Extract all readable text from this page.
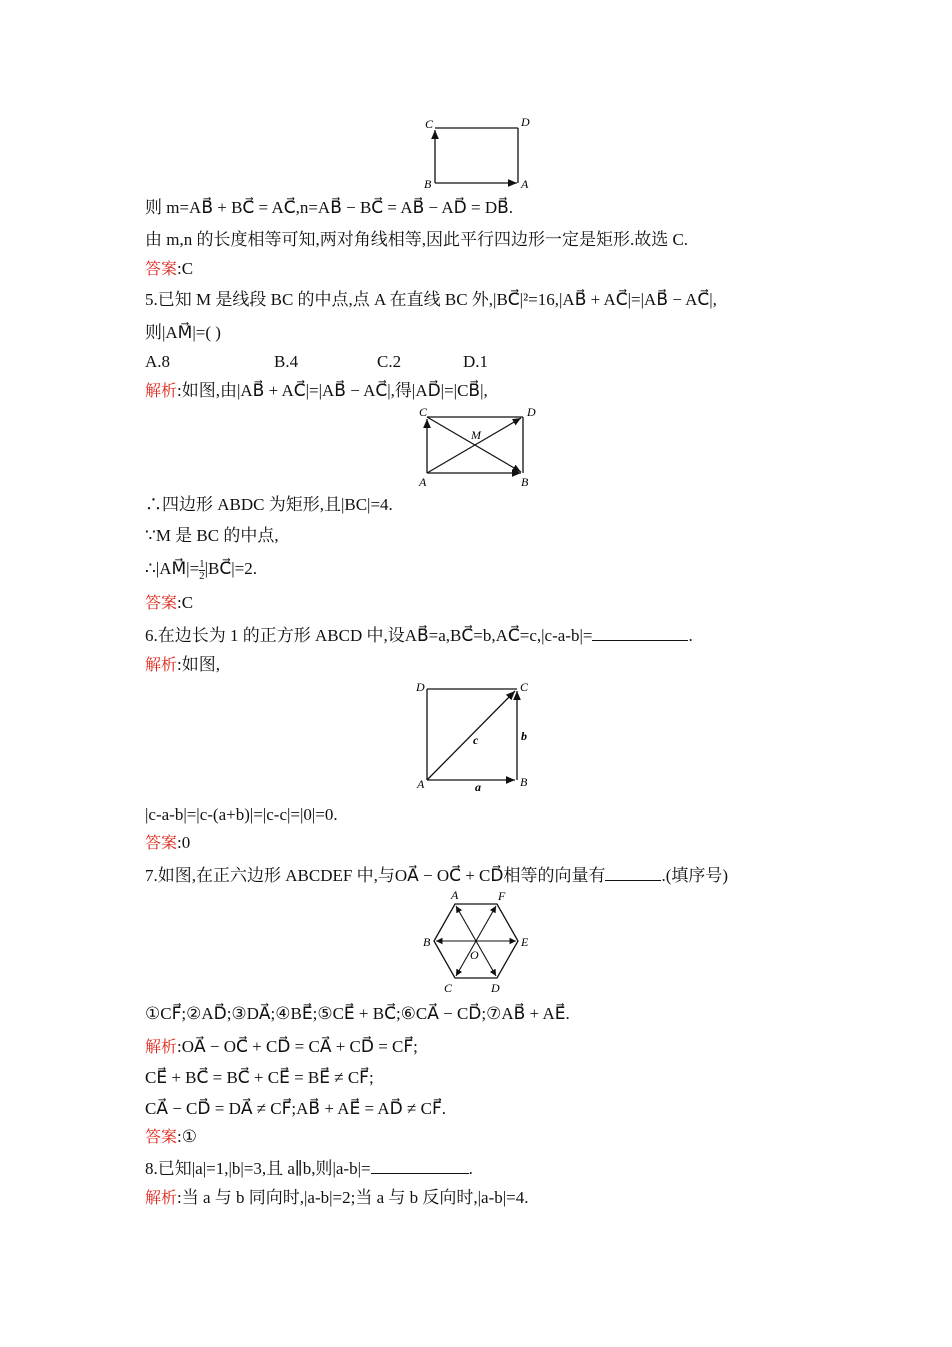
C	D
B	A
则 m=AB⃗ + BC⃗ = AC⃗,n=AB⃗ − BC⃗ = AB⃗ − AD⃗ = DB⃗.
由 m,n 的长度相等可知,两对角线相等,因此平行四边形一定是矩形.故选 C.
答案:C
5.已知 M 是线段 BC 的中点,点 A 在直线 BC 外,|BC⃗|²=16,|AB⃗ + AC⃗|=|AB⃗ − AC⃗|,
则|AM⃗|=( )
A.8	B.4	C.2	D.1
解析:如图,由|AB⃗ + AC⃗|=|AB⃗ − AC⃗|,得|AD⃗|=|CB⃗|,
C	D
M
A	B
∴四边形 ABDC 为矩形,且|BC|=4.
∵M 是 BC 的中点,
∴|AM⃗|= $\frac{1}{2}$ |BC⃗|=2.
答案:C
6.在边长为 1 的正方形 ABCD 中,设AB⃗=a,BC⃗=b,AC⃗=c,|c-a-b|=	.
解析:如图,
D	C
A	B
c	b
a
|c-a-b|=|c-(a+b)|=|c-c|=|0|=0.
答案:0
7.如图,在正六边形 ABCDEF 中,与OA⃗ − OC⃗ + CD⃗相等的向量有	.(填序号)
A	F
B	E
O
C	D
①CF⃗;②AD⃗;③DA⃗;④BE⃗;⑤CE⃗ + BC⃗;⑥CA⃗ − CD⃗;⑦AB⃗ + AE⃗.
解析:OA⃗ − OC⃗ + CD⃗ = CA⃗ + CD⃗ = CF⃗;
CE⃗ + BC⃗ = BC⃗ + CE⃗ = BE⃗ ≠ CF⃗;
CA⃗ − CD⃗ = DA⃗ ≠ CF⃗;AB⃗ + AE⃗ = AD⃗ ≠ CF⃗.
答案:①
8.已知|a|=1,|b|=3,且 a∥b,则|a-b|=	.
解析:当 a 与 b 同向时,|a-b|=2;当 a 与 b 反向时,|a-b|=4.
